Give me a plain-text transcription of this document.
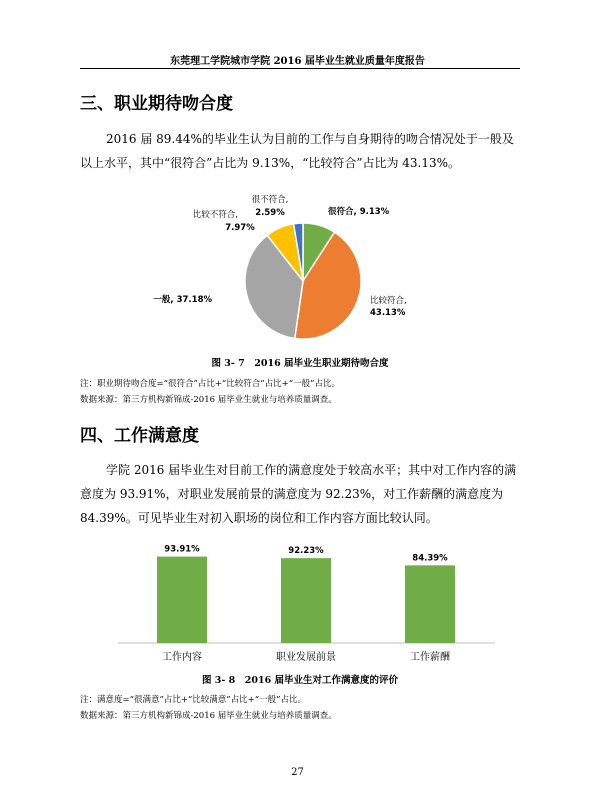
东莞理工学院城市学院 2016 届毕业生就业质量年度报告
三、职业期待吻合度
2016 届 89.44%的毕业生认为目前的工作与自身期待的吻合情况处于一般及以上水平，其中“很符合”占比为 9.13%，“比较符合”占比为 43.13%。
很符合, 9.13%
比较符合,
43.13%
一般, 37.18%
比较不符合,
7.97%
很不符合,
2.59%
图 3- 7　2016 届毕业生职业期待吻合度
注：职业期待吻合度=“很符合”占比+“比较符合”占比+“一般”占比。
数据来源：第三方机构新锦成-2016 届毕业生就业与培养质量调查。
四、工作满意度
学院 2016 届毕业生对目前工作的满意度处于较高水平；其中对工作内容的满意度为 93.91%，对职业发展前景的满意度为 92.23%，对工作薪酬的满意度为 84.39%。可见毕业生对初入职场的岗位和工作内容方面比较认同。
93.91%
工作内容
92.23%
职业发展前景
84.39%
工作薪酬
图 3- 8　2016 届毕业生对工作满意度的评价
注：满意度=“很满意”占比+“比较满意”占比+“一般”占比。
数据来源：第三方机构新锦成-2016 届毕业生就业与培养质量调查。
27
